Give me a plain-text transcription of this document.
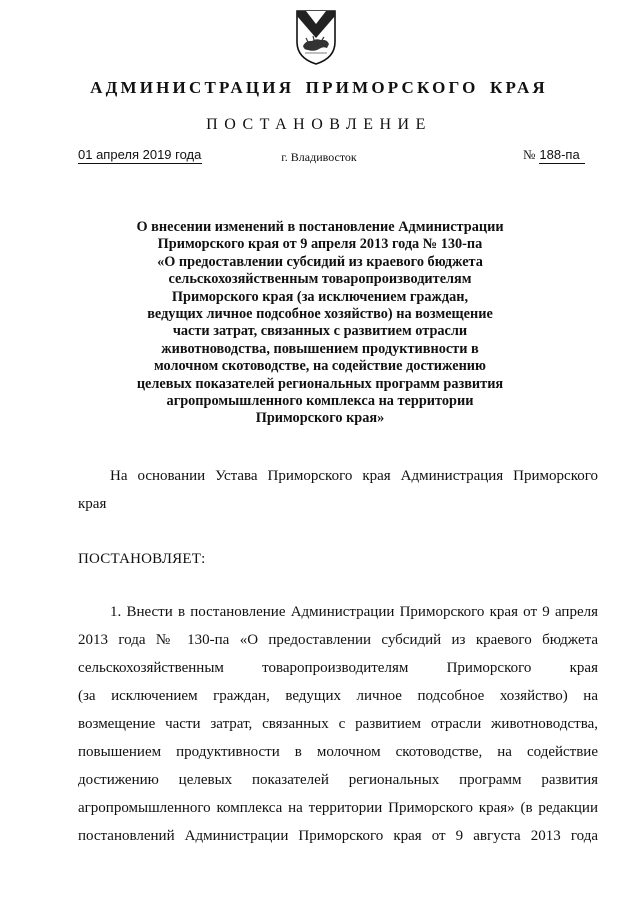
АДМИНИСТРАЦИЯ ПРИМОРСКОГО КРАЯ
ПОСТАНОВЛЕНИЕ
01 апреля 2019 года	г. Владивосток	№ 188-па
О внесении изменений в постановление Администрации
Приморского края от 9 апреля 2013 года № 130-па
«О предоставлении субсидий из краевого бюджета
сельскохозяйственным товаропроизводителям
Приморского края (за исключением граждан,
ведущих личное подсобное хозяйство) на возмещение
части затрат, связанных с развитием отрасли
животноводства, повышением продуктивности в
молочном скотоводстве, на содействие достижению
целевых показателей региональных программ развития
агропромышленного комплекса на территории
Приморского края»
На основании Устава Приморского края Администрация Приморского
края
ПОСТАНОВЛЯЕТ:
1. Внести в постановление Администрации Приморского края от 9 апреля
2013 года № 130-па «О предоставлении субсидий из краевого бюджета
сельскохозяйственным товаропроизводителям Приморского края
(за исключением граждан, ведущих личное подсобное хозяйство) на
возмещение части затрат, связанных с развитием отрасли животноводства,
повышением продуктивности в молочном скотоводстве, на содействие
достижению целевых показателей региональных программ развития
агропромышленного комплекса на территории Приморского края» (в редакции
постановлений Администрации Приморского края от 9 августа 2013 года
